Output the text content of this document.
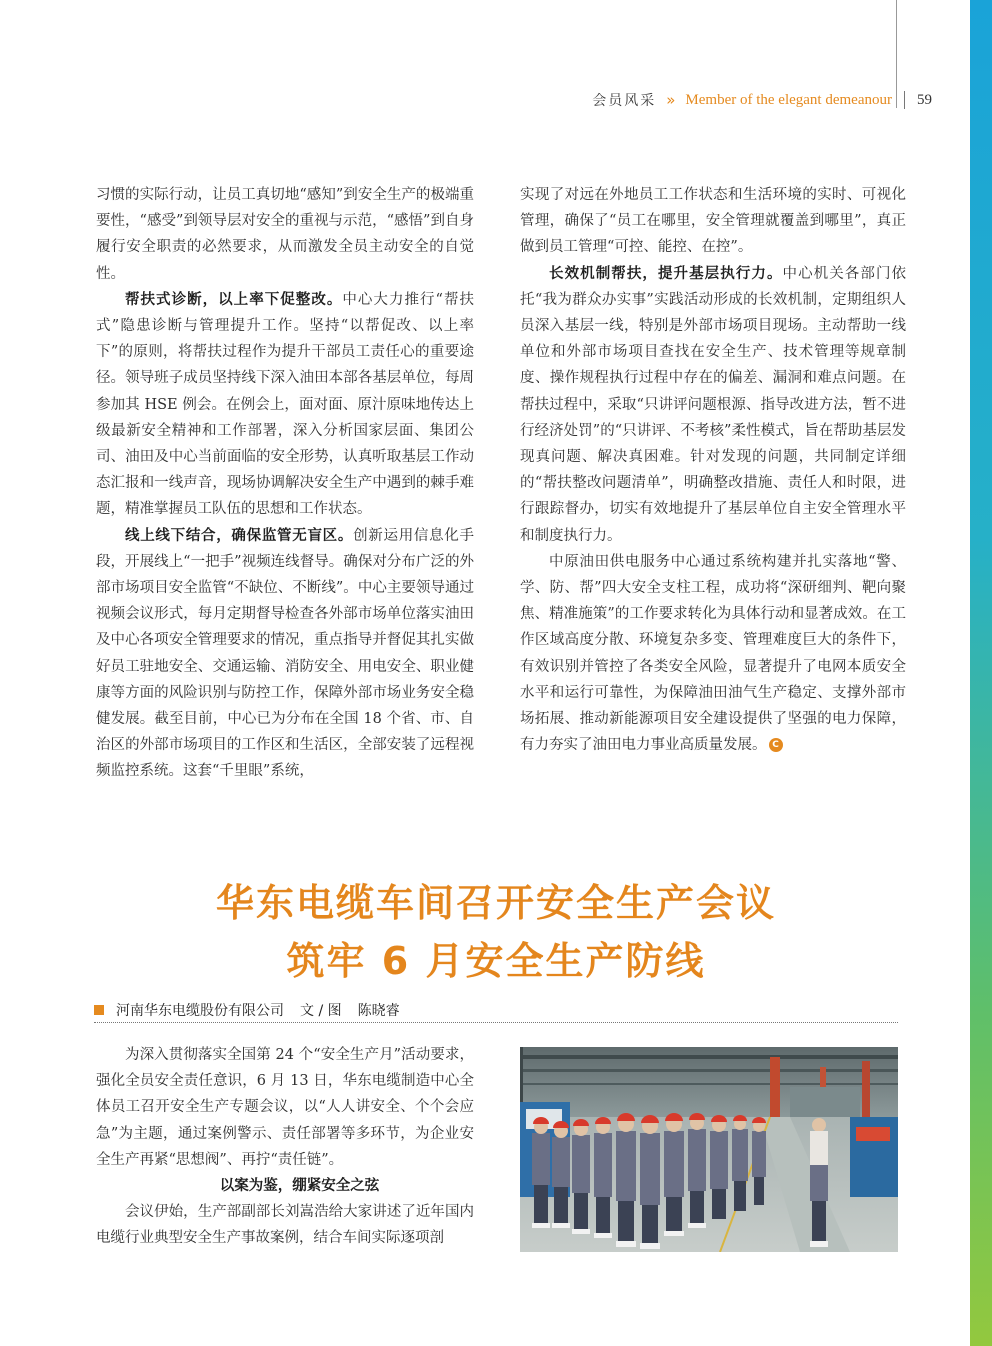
会员风采 » Member of the elegant demeanour 59

习惯的实际行动，让员工真切地“感知”到安全生产的极端重要性，“感受”到领导层对安全的重视与示范，“感悟”到自身履行安全职责的必然要求，从而激发全员主动安全的自觉性。

帮扶式诊断，以上率下促整改。中心大力推行“帮扶式”隐患诊断与管理提升工作。坚持“以帮促改、以上率下”的原则，将帮扶过程作为提升干部员工责任心的重要途径。领导班子成员坚持线下深入油田本部各基层单位，每周参加其 HSE 例会。在例会上，面对面、原汁原味地传达上级最新安全精神和工作部署，深入分析国家层面、集团公司、油田及中心当前面临的安全形势，认真听取基层工作动态汇报和一线声音，现场协调解决安全生产中遇到的棘手难题，精准掌握员工队伍的思想和工作状态。

线上线下结合，确保监管无盲区。创新运用信息化手段，开展线上“一把手”视频连线督导。确保对分布广泛的外部市场项目安全监管“不缺位、不断线”。中心主要领导通过视频会议形式，每月定期督导检查各外部市场单位落实油田及中心各项安全管理要求的情况，重点指导并督促其扎实做好员工驻地安全、交通运输、消防安全、用电安全、职业健康等方面的风险识别与防控工作，保障外部市场业务安全稳健发展。截至目前，中心已为分布在全国 18 个省、市、自治区的外部市场项目的工作区和生活区，全部安装了远程视频监控系统。这套“千里眼”系统，

实现了对远在外地员工工作状态和生活环境的实时、可视化管理，确保了“员工在哪里，安全管理就覆盖到哪里”，真正做到员工管理“可控、能控、在控”。

长效机制帮扶，提升基层执行力。中心机关各部门依托“我为群众办实事”实践活动形成的长效机制，定期组织人员深入基层一线，特别是外部市场项目现场。主动帮助一线单位和外部市场项目查找在安全生产、技术管理等规章制度、操作规程执行过程中存在的偏差、漏洞和难点问题。在帮扶过程中，采取“只讲评问题根源、指导改进方法，暂不进行经济处罚”的“只讲评、不考核”柔性模式，旨在帮助基层发现真问题、解决真困难。针对发现的问题，共同制定详细的“帮扶整改问题清单”，明确整改措施、责任人和时限，进行跟踪督办，切实有效地提升了基层单位自主安全管理水平和制度执行力。

中原油田供电服务中心通过系统构建并扎实落地“警、学、防、帮”四大安全支柱工程，成功将“深研细判、靶向聚焦、精准施策”的工作要求转化为具体行动和显著成效。在工作区域高度分散、环境复杂多变、管理难度巨大的条件下，有效识别并管控了各类安全风险，显著提升了电网本质安全水平和运行可靠性，为保障油田油气生产稳定、支撑外部市场拓展、推动新能源项目安全建设提供了坚强的电力保障，有力夯实了油田电力事业高质量发展。 C

华东电缆车间召开安全生产会议
筑牢 6 月安全生产防线
河南华东电缆股份有限公司 文 / 图 陈晓睿

为深入贯彻落实全国第 24 个“安全生产月”活动要求，强化全员安全责任意识，6 月 13 日，华东电缆制造中心全体员工召开安全生产专题会议，以“人人讲安全、个个会应急”为主题，通过案例警示、责任部署等多环节，为企业安全生产再紧“思想阀”、再拧“责任链”。

以案为鉴，绷紧安全之弦

会议伊始，生产部副部长刘嵩浩给大家讲述了近年国内电缆行业典型安全生产事故案例，结合车间实际逐项剖
